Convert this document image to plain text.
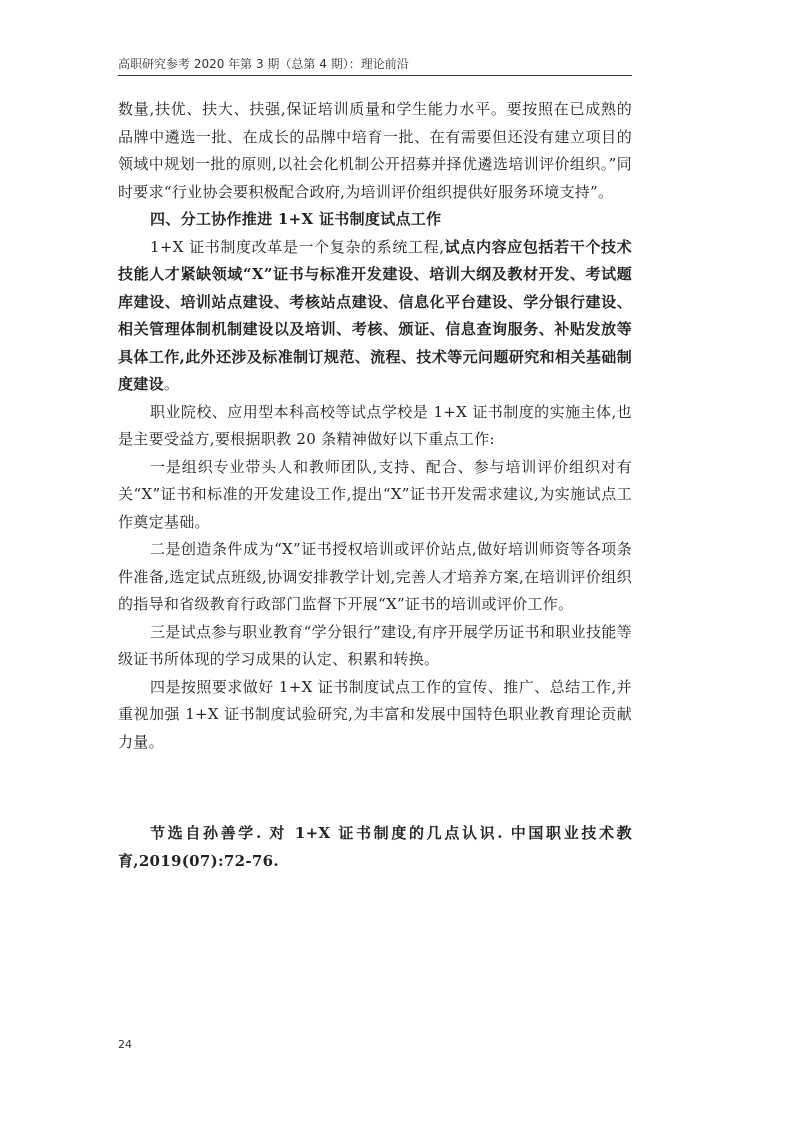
高职研究参考 2020 年第 3 期（总第 4 期）：理论前沿

数量,扶优、扶大、扶强,保证培训质量和学生能力水平。要按照在已成熟的品牌中遴选一批、在成长的品牌中培育一批、在有需要但还没有建立项目的领域中规划一批的原则,以社会化机制公开招募并择优遴选培训评价组织。”同时要求“行业协会要积极配合政府,为培训评价组织提供好服务环境支持”。

四、分工协作推进 1+X 证书制度试点工作

1+X 证书制度改革是一个复杂的系统工程,试点内容应包括若干个技术技能人才紧缺领域“X”证书与标准开发建设、培训大纲及教材开发、考试题库建设、培训站点建设、考核站点建设、信息化平台建设、学分银行建设、相关管理体制机制建设以及培训、考核、颁证、信息查询服务、补贴发放等具体工作,此外还涉及标准制订规范、流程、技术等元问题研究和相关基础制度建设。

职业院校、应用型本科高校等试点学校是 1+X 证书制度的实施主体,也是主要受益方,要根据职教 20 条精神做好以下重点工作:

一是组织专业带头人和教师团队,支持、配合、参与培训评价组织对有关“X”证书和标准的开发建设工作,提出“X”证书开发需求建议,为实施试点工作奠定基础。

二是创造条件成为“X”证书授权培训或评价站点,做好培训师资等各项条件准备,选定试点班级,协调安排教学计划,完善人才培养方案,在培训评价组织的指导和省级教育行政部门监督下开展“X”证书的培训或评价工作。

三是试点参与职业教育“学分银行”建设,有序开展学历证书和职业技能等级证书所体现的学习成果的认定、积累和转换。

四是按照要求做好 1+X 证书制度试点工作的宣传、推广、总结工作,并重视加强 1+X 证书制度试验研究,为丰富和发展中国特色职业教育理论贡献力量。

节选自孙善学. 对 1+X 证书制度的几点认识. 中国职业技术教育,2019(07):72-76.

24
